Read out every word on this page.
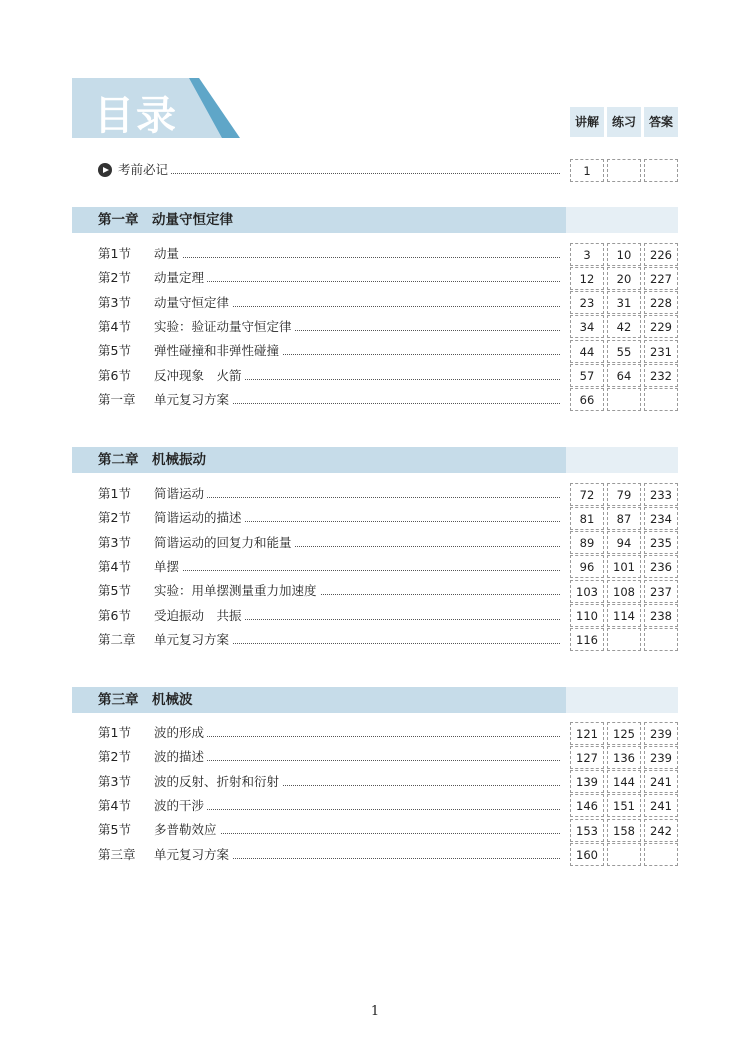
目录	讲解	练习	答案
考前必记	1
第一章　动量守恒定律
第1节 动量	3	10	226
第2节 动量定理	12	20	227
第3节 动量守恒定律	23	31	228
第4节 实验：验证动量守恒定律	34	42	229
第5节 弹性碰撞和非弹性碰撞	44	55	231
第6节 反冲现象　火箭	57	64	232
第一章 单元复习方案	66
第二章　机械振动
第1节 简谐运动	72	79	233
第2节 简谐运动的描述	81	87	234
第3节 简谐运动的回复力和能量	89	94	235
第4节 单摆	96	101	236
第5节 实验：用单摆测量重力加速度	103	108	237
第6节 受迫振动　共振	110	114	238
第二章 单元复习方案	116
第三章　机械波
第1节 波的形成	121	125	239
第2节 波的描述	127	136	239
第3节 波的反射、折射和衍射	139	144	241
第4节 波的干涉	146	151	241
第5节 多普勒效应	153	158	242
第三章 单元复习方案	160
1
